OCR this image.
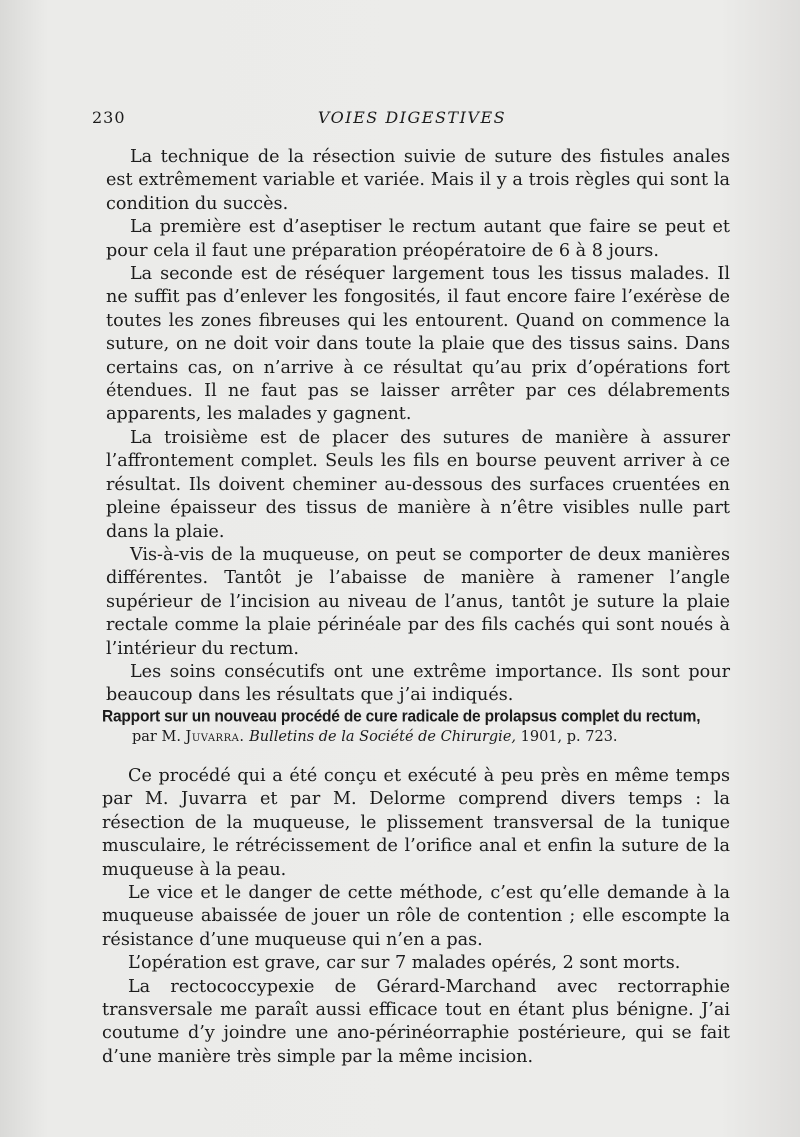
230	VOIES DIGESTIVES

La technique de la résection suivie de suture des fistules anales est extrêmement variable et variée. Mais il y a trois règles qui sont la condition du succès.

La première est d’aseptiser le rectum autant que faire se peut et pour cela il faut une préparation préopératoire de 6 à 8 jours.

La seconde est de réséquer largement tous les tissus malades. Il ne suffit pas d’enlever les fongosités, il faut encore faire l’exérèse de toutes les zones fibreuses qui les entourent. Quand on commence la suture, on ne doit voir dans toute la plaie que des tissus sains. Dans certains cas, on n’arrive à ce résultat qu’au prix d’opérations fort étendues. Il ne faut pas se laisser arrêter par ces délabrements apparents, les malades y gagnent.

La troisième est de placer des sutures de manière à assurer l’affrontement complet. Seuls les fils en bourse peuvent arriver à ce résultat. Ils doivent cheminer au-dessous des surfaces cruentées en pleine épaisseur des tissus de manière à n’être visibles nulle part dans la plaie.

Vis-à-vis de la muqueuse, on peut se comporter de deux manières différentes. Tantôt je l’abaisse de manière à ramener l’angle supérieur de l’incision au niveau de l’anus, tantôt je suture la plaie rectale comme la plaie périnéale par des fils cachés qui sont noués à l’intérieur du rectum.

Les soins consécutifs ont une extrême importance. Ils sont pour beaucoup dans les résultats que j’ai indiqués.

Rapport sur un nouveau procédé de cure radicale de prolapsus complet du rectum,
par M. Juvarra. Bulletins de la Société de Chirurgie, 1901, p. 723.

Ce procédé qui a été conçu et exécuté à peu près en même temps par M. Juvarra et par M. Delorme comprend divers temps : la résection de la muqueuse, le plissement transversal de la tunique musculaire, le rétrécissement de l’orifice anal et enfin la suture de la muqueuse à la peau.

Le vice et le danger de cette méthode, c’est qu’elle demande à la muqueuse abaissée de jouer un rôle de contention ; elle escompte la résistance d’une muqueuse qui n’en a pas.

L’opération est grave, car sur 7 malades opérés, 2 sont morts.

La rectococcypexie de Gérard-Marchand avec rectorraphie transversale me paraît aussi efficace tout en étant plus bénigne. J’ai coutume d’y joindre une ano-périnéorraphie postérieure, qui se fait d’une manière très simple par la même incision.
